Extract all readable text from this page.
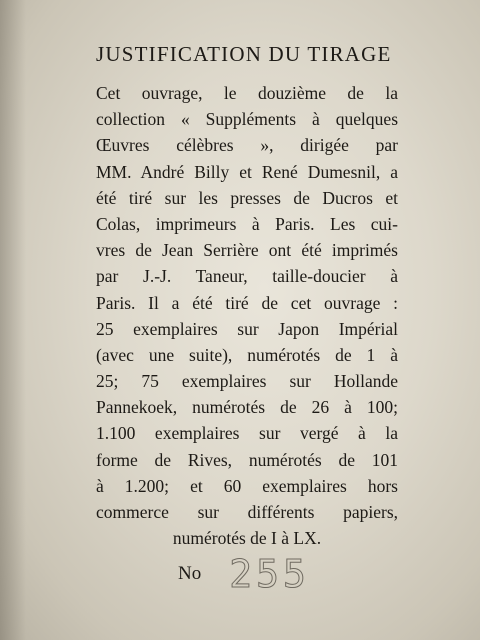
JUSTIFICATION DU TIRAGE
Cet ouvrage, le douzième de la
collection « Suppléments à quelques
Œuvres célèbres », dirigée par
MM. André Billy et René Dumesnil, a
été tiré sur les presses de Ducros et
Colas, imprimeurs à Paris. Les cui-
vres de Jean Serrière ont été imprimés
par J.-J. Taneur, taille-doucier à
Paris. Il a été tiré de cet ouvrage :
25 exemplaires sur Japon Impérial
(avec une suite), numérotés de 1 à
25; 75 exemplaires sur Hollande
Pannekoek, numérotés de 26 à 100;
1.100 exemplaires sur vergé à la
forme de Rives, numérotés de 101
à 1.200; et 60 exemplaires hors
commerce sur différents papiers,
numérotés de I à LX.
No 255
